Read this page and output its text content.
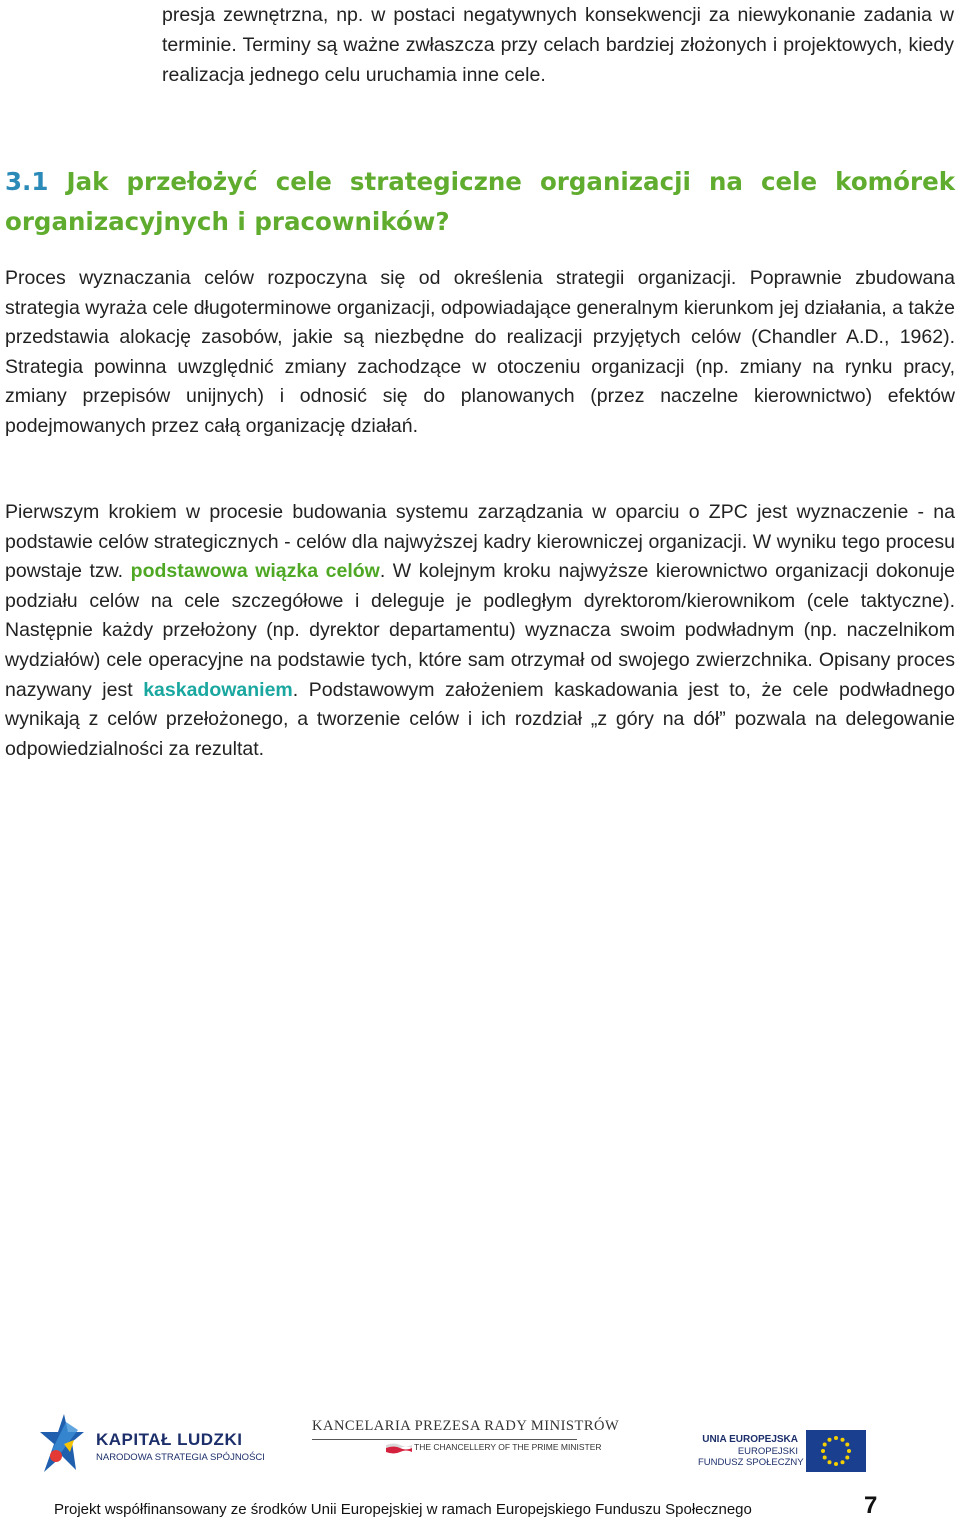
presja zewnętrzna, np. w postaci negatywnych konsekwencji za niewykonanie zadania w terminie. Terminy są ważne zwłaszcza przy celach bardziej złożonych i projektowych, kiedy realizacja jednego celu uruchamia inne cele.

3.1 Jak przełożyć cele strategiczne organizacji na cele komórek organizacyjnych i pracowników?

Proces wyznaczania celów rozpoczyna się od określenia strategii organizacji. Poprawnie zbudowana strategia wyraża cele długoterminowe organizacji, odpowiadające generalnym kierunkom jej działania, a także przedstawia alokację zasobów, jakie są niezbędne do realizacji przyjętych celów (Chandler A.D., 1962). Strategia powinna uwzględnić zmiany zachodzące w otoczeniu organizacji (np. zmiany na rynku pracy, zmiany przepisów unijnych) i odnosić się do planowanych (przez naczelne kierownictwo) efektów podejmowanych przez całą organizację działań.

Pierwszym krokiem w procesie budowania systemu zarządzania w oparciu o ZPC jest wyznaczenie - na podstawie celów strategicznych - celów dla najwyższej kadry kierowniczej organizacji. W wyniku tego procesu powstaje tzw. podstawowa wiązka celów. W kolejnym kroku najwyższe kierownictwo organizacji dokonuje podziału celów na cele szczegółowe i deleguje je podległym dyrektorom/kierownikom (cele taktyczne). Następnie każdy przełożony (np. dyrektor departamentu) wyznacza swoim podwładnym (np. naczelnikom wydziałów) cele operacyjne na podstawie tych, które sam otrzymał od swojego zwierzchnika. Opisany proces nazywany jest kaskadowaniem. Podstawowym założeniem kaskadowania jest to, że cele podwładnego wynikają z celów przełożonego, a tworzenie celów i ich rozdział „z góry na dół” pozwala na delegowanie odpowiedzialności za rezultat.

KAPITAŁ LUDZKI
NARODOWA STRATEGIA SPÓJNOŚCI
KANCELARIA PREZESA RADY MINISTRÓW
THE CHANCELLERY OF THE PRIME MINISTER
UNIA EUROPEJSKA
EUROPEJSKI
FUNDUSZ SPOŁECZNY
Projekt współfinansowany ze środków Unii Europejskiej w ramach Europejskiego Funduszu Społecznego	7
